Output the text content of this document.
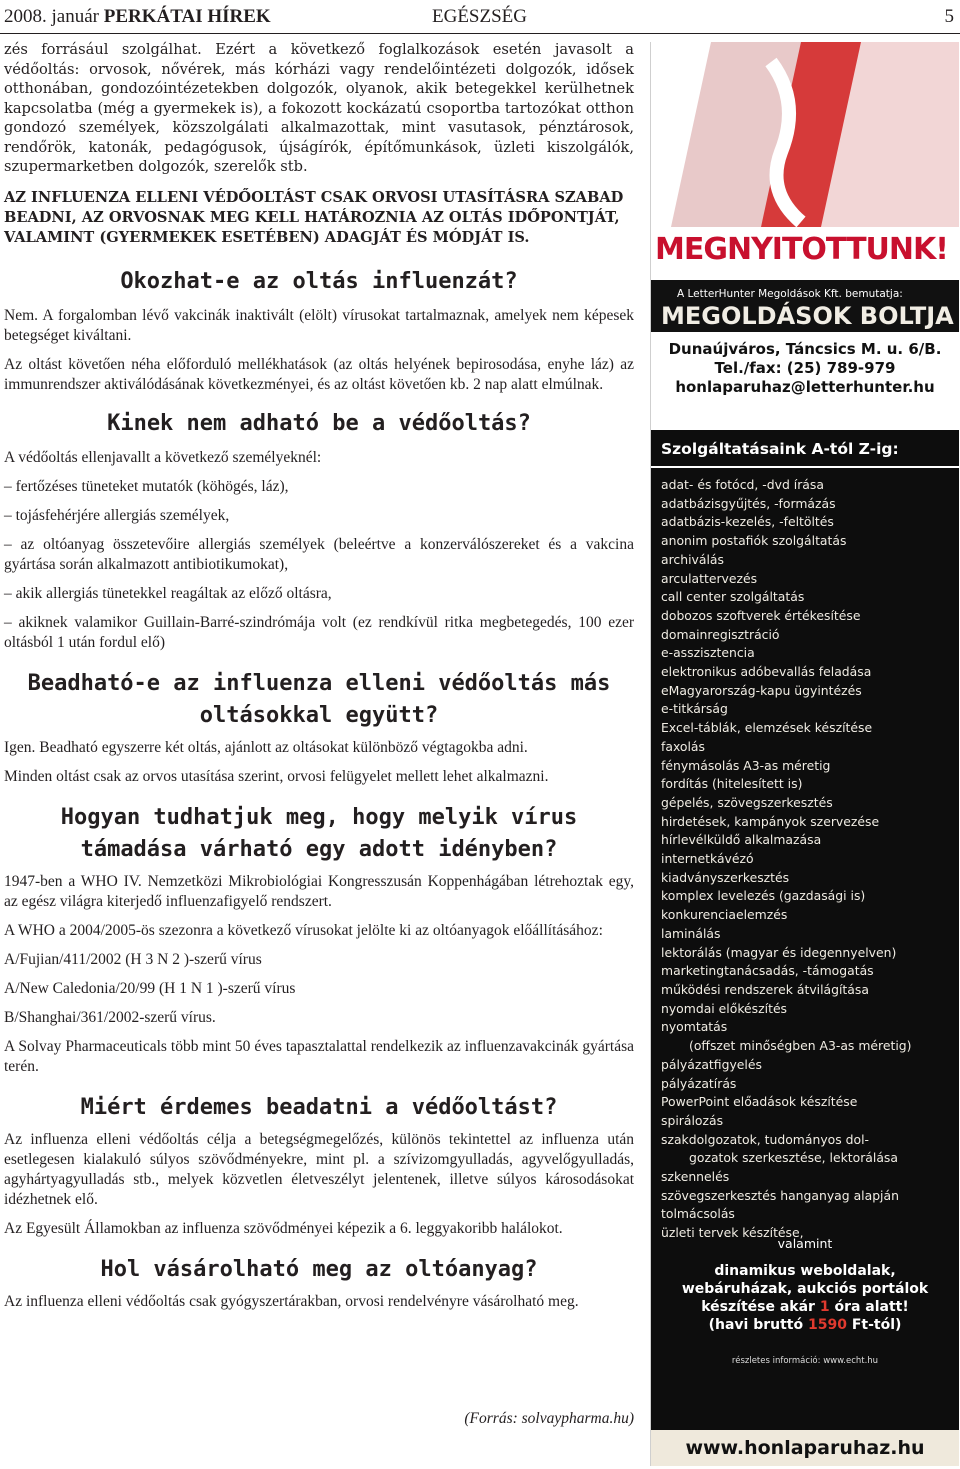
2008. január PERKÁTAI HÍREK	EGÉSZSÉG	5

zés forrásául szolgálhat. Ezért a következő foglalkozások esetén javasolt a védőoltás: orvosok, nővérek, más kórházi vagy rendelőintézeti dolgozók, idősek otthonában, gondozóintézetekben dolgozók, olyanok, akik betegekkel kerülhetnek kapcsolatba (még a gyermekek is), a fokozott kockázatú csoportba tartozókat otthon gondozó személyek, közszolgálati alkalmazottak, mint vasutasok, pénztárosok, rendőrök, katonák, pedagógusok, újságírók, építőmunkások, üzleti kiszolgálók, szupermarketben dolgozók, szerelők stb.

AZ INFLUENZA ELLENI VÉDŐOLTÁST CSAK ORVOSI UTASÍTÁSRA SZABAD BEADNI, AZ ORVOSNAK MEG KELL HATÁROZNIA AZ OLTÁS IDŐPONTJÁT, VALAMINT (GYERMEKEK ESETÉBEN) ADAGJÁT ÉS MÓDJÁT IS.

Okozhat-e az oltás influenzát?

Nem. A forgalomban lévő vakcinák inaktivált (elölt) vírusokat tartalmaznak, amelyek nem képesek betegséget kiváltani.

Az oltást követően néha előforduló mellékhatások (az oltás helyének bepirosodása, enyhe láz) az immunrendszer aktiválódásának következményei, és az oltást követően kb. 2 nap alatt elmúlnak.

Kinek nem adható be a védőoltás?

A védőoltás ellenjavallt a következő személyeknél:

– fertőzéses tüneteket mutatók (köhögés, láz),

– tojásfehérjére allergiás személyek,

– az oltóanyag összetevőire allergiás személyek (beleértve a konzerválószereket és a vakcina gyártása során alkalmazott antibiotikumokat),

– akik allergiás tünetekkel reagáltak az előző oltásra,

– akiknek valamikor Guillain-Barré-szindrómája volt (ez rendkívül ritka megbetegedés, 100 ezer oltásból 1 után fordul elő)

Beadható-e az influenza elleni védőoltás más
oltásokkal együtt?

Igen. Beadható egyszerre két oltás, ajánlott az oltásokat különböző végtagokba adni.

Minden oltást csak az orvos utasítása szerint, orvosi felügyelet mellett lehet alkalmazni.

Hogyan tudhatjuk meg, hogy melyik vírus
támadása várható egy adott idényben?

1947-ben a WHO IV. Nemzetközi Mikrobiológiai Kongresszusán Koppenhágában létrehoztak egy, az egész világra kiterjedő influenzafigyelő rendszert.

A WHO a 2004/2005-ös szezonra a következő vírusokat jelölte ki az oltóanyagok előállításához:

A/Fujian/411/2002 (H 3 N 2 )-szerű vírus

A/New Caledonia/20/99 (H 1 N 1 )-szerű vírus

B/Shanghai/361/2002-szerű vírus.

A Solvay Pharmaceuticals több mint 50 éves tapasztalattal rendelkezik az influenzavakcinák gyártása terén.

Miért érdemes beadatni a védőoltást?

Az influenza elleni védőoltás célja a betegségmegelőzés, különös tekintettel az influenza után esetlegesen kialakuló súlyos szövődményekre, mint pl. a szívizomgyulladás, agyvelőgyulladás, agyhártyagyulladás stb., melyek közvetlen életveszélyt jelentenek, illetve súlyos károsodásokat idézhetnek elő.

Az Egyesült Államokban az influenza szövődményei képezik a 6. leggyakoribb halálokot.

Hol vásárolható meg az oltóanyag?

Az influenza elleni védőoltás csak gyógyszertárakban, orvosi rendelvényre vásárolható meg.

(Forrás: solvaypharma.hu)

MEGNYITOTTUNK!
A LetterHunter Megoldások Kft. bemutatja:
MEGOLDÁSOK BOLTJA

Dunaújváros, Táncsics M. u. 6/B.

Tel./fax: (25) 789-979

honlaparuhaz@letterhunter.hu

Szolgáltatásaink A-tól Z-ig:

adat- és fotócd, -dvd írása
adatbázisgyűjtés, -formázás
adatbázis-kezelés, -feltöltés
anonim postafiók szolgáltatás
archiválás
arculattervezés
call center szolgáltatás
dobozos szoftverek értékesítése
domainregisztráció
e-asszisztencia
elektronikus adóbevallás feladása
eMagyarország-kapu ügyintézés
e-titkárság
Excel-táblák, elemzések készítése
faxolás
fénymásolás A3-as méretig
fordítás (hitelesített is)
gépelés, szövegszerkesztés
hirdetések, kampányok szervezése
hírlevélküldő alkalmazása
internetkávézó
kiadványszerkesztés
komplex levelezés (gazdasági is)
konkurenciaelemzés
laminálás
lektorálás (magyar és idegennyelven)
marketingtanácsadás, -támogatás
működési rendszerek átvilágítása
nyomdai előkészítés
nyomtatás
(offszet minőségben A3-as méretig)
pályázatfigyelés
pályázatírás
PowerPoint előadások készítése
spirálozás
szakdolgozatok, tudományos dol-
gozatok szerkesztése, lektorálása
szkennelés
szövegszerkesztés hanganyag alapján
tolmácsolás
üzleti tervek készítése,
valamint
dinamikus weboldalak,
webáruházak, aukciós portálok
készítése akár 1 óra alatt!
(havi bruttó 1590 Ft-tól)
részletes információ: www.echt.hu
www.honlaparuhaz.hu
